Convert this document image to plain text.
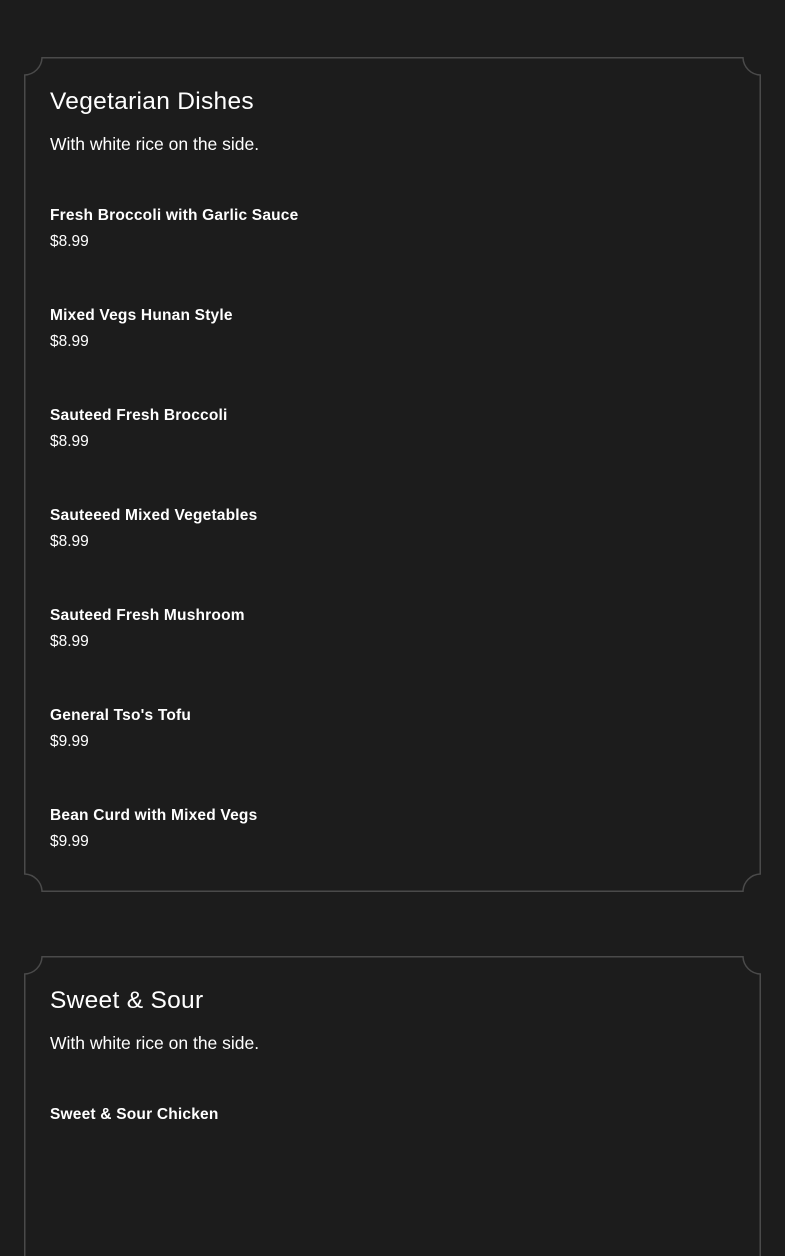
Vegetarian Dishes

With white rice on the side.

Fresh Broccoli with Garlic Sauce
$8.99
Mixed Vegs Hunan Style
$8.99
Sauteed Fresh Broccoli
$8.99
Sauteeed Mixed Vegetables
$8.99
Sauteed Fresh Mushroom
$8.99
General Tso's Tofu
$9.99
Bean Curd with Mixed Vegs
$9.99
Sweet & Sour

With white rice on the side.

Sweet & Sour Chicken
